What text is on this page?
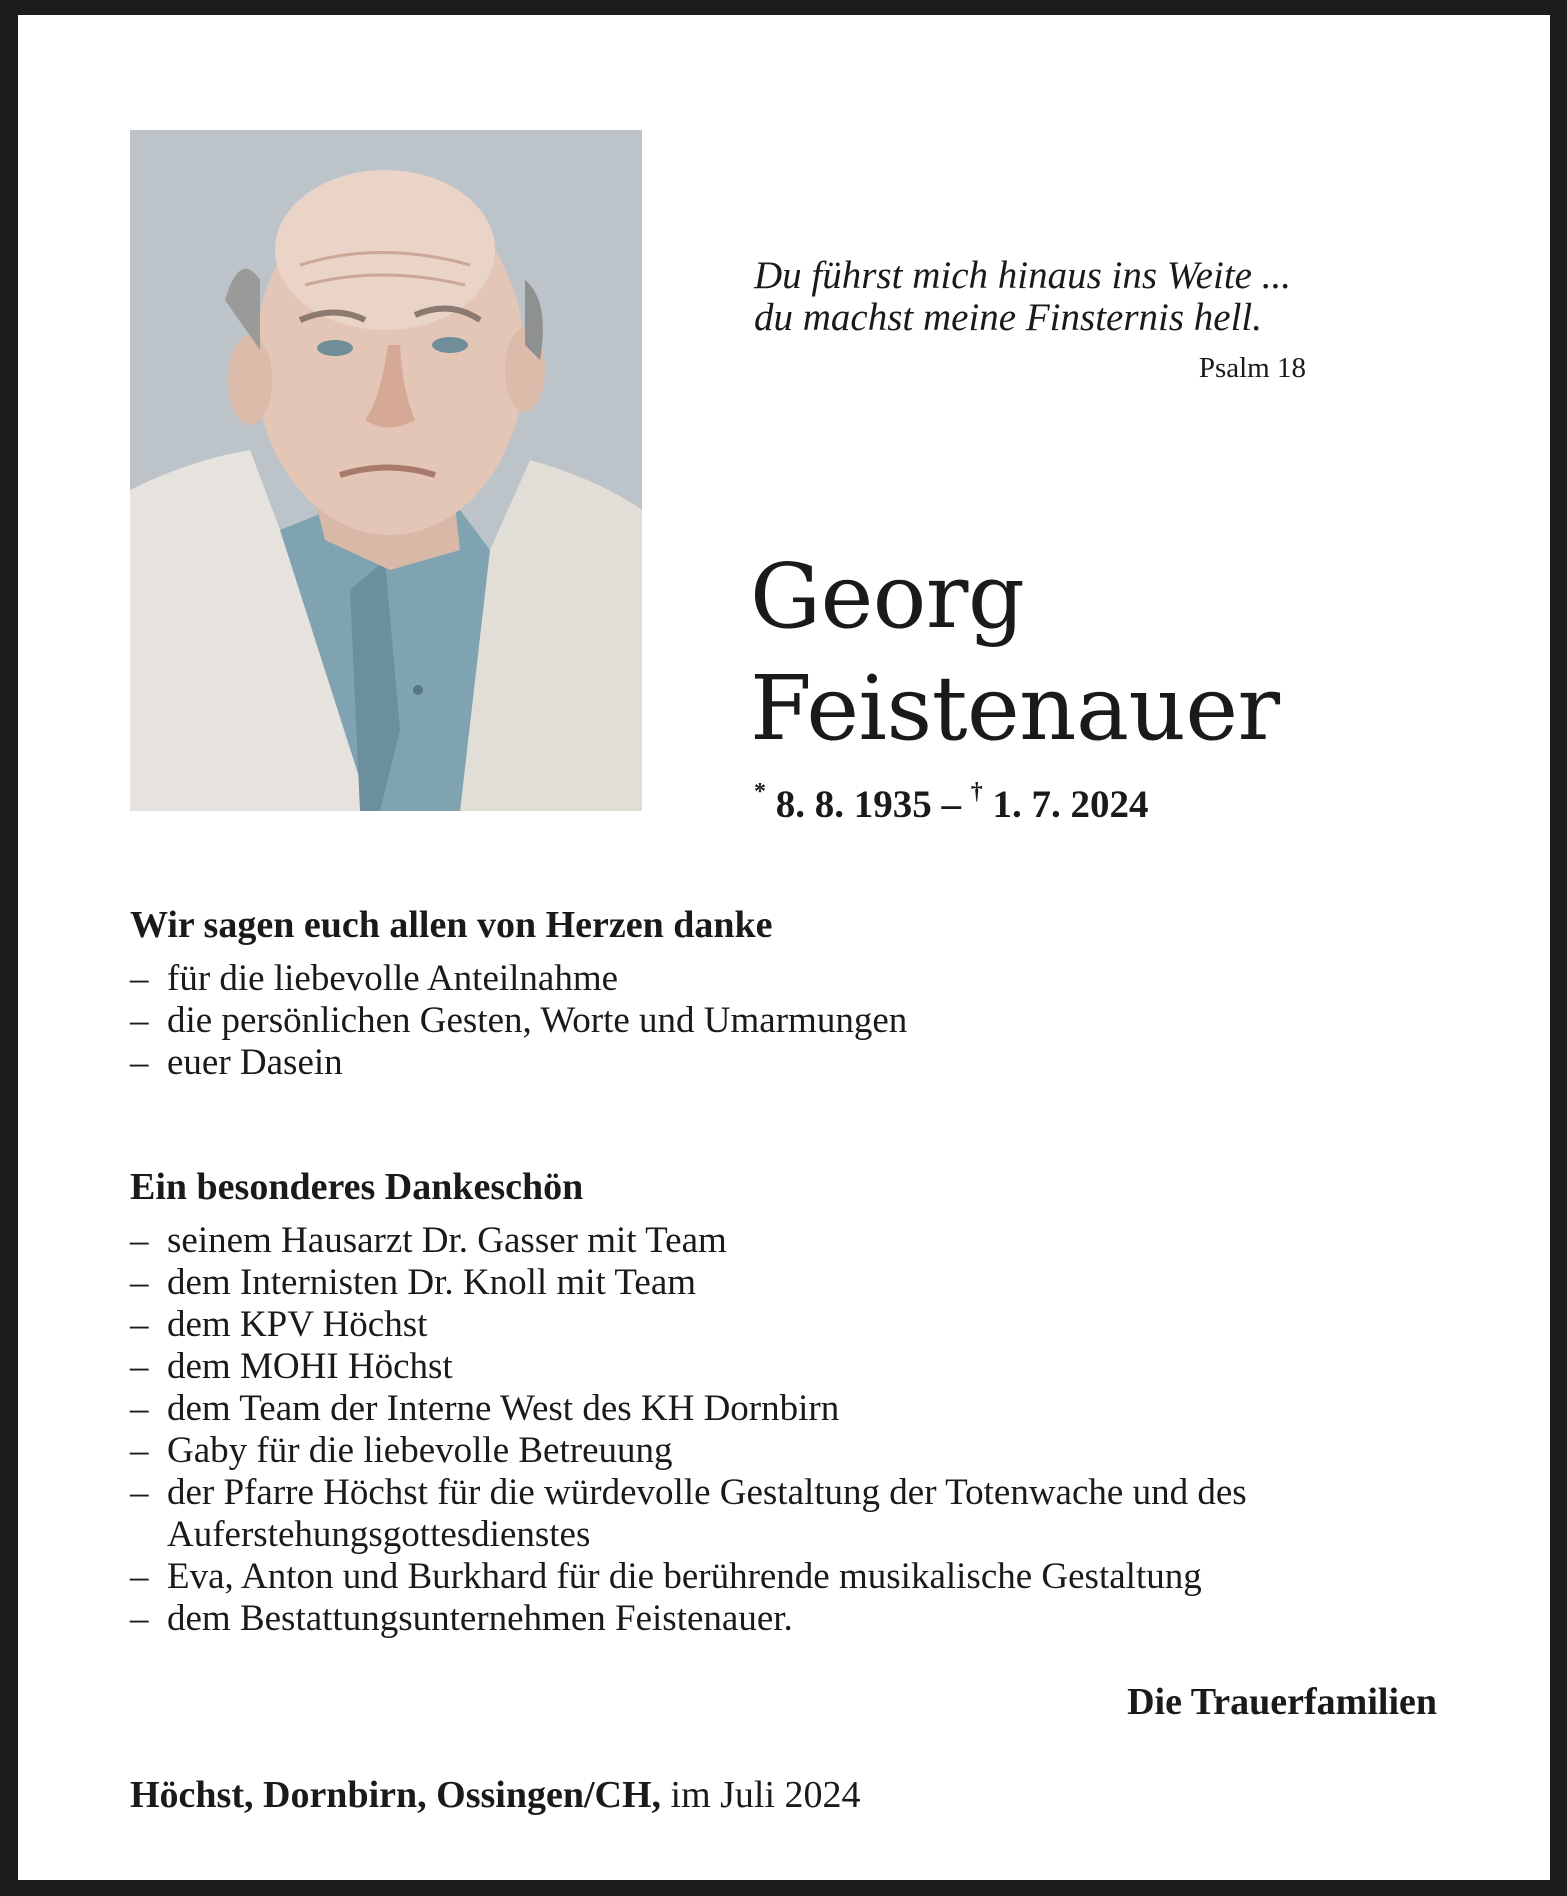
Du führst mich hinaus ins Weite ...
du machst meine Finsternis hell.
Psalm 18
Georg
Feistenauer
* 8. 8. 1935 – † 1. 7. 2024
Wir sagen euch allen von Herzen danke
– für die liebevolle Anteilnahme
– die persönlichen Gesten, Worte und Umarmungen
– euer Dasein
Ein besonderes Dankeschön
– seinem Hausarzt Dr. Gasser mit Team
– dem Internisten Dr. Knoll mit Team
– dem KPV Höchst
– dem MOHI Höchst
– dem Team der Interne West des KH Dornbirn
– Gaby für die liebevolle Betreuung
– der Pfarre Höchst für die würdevolle Gestaltung der Totenwache und des Auferstehungsgottesdienstes
– Eva, Anton und Burkhard für die berührende musikalische Gestaltung
– dem Bestattungsunternehmen Feistenauer.
Die Trauerfamilien
Höchst, Dornbirn, Ossingen/CH, im Juli 2024
